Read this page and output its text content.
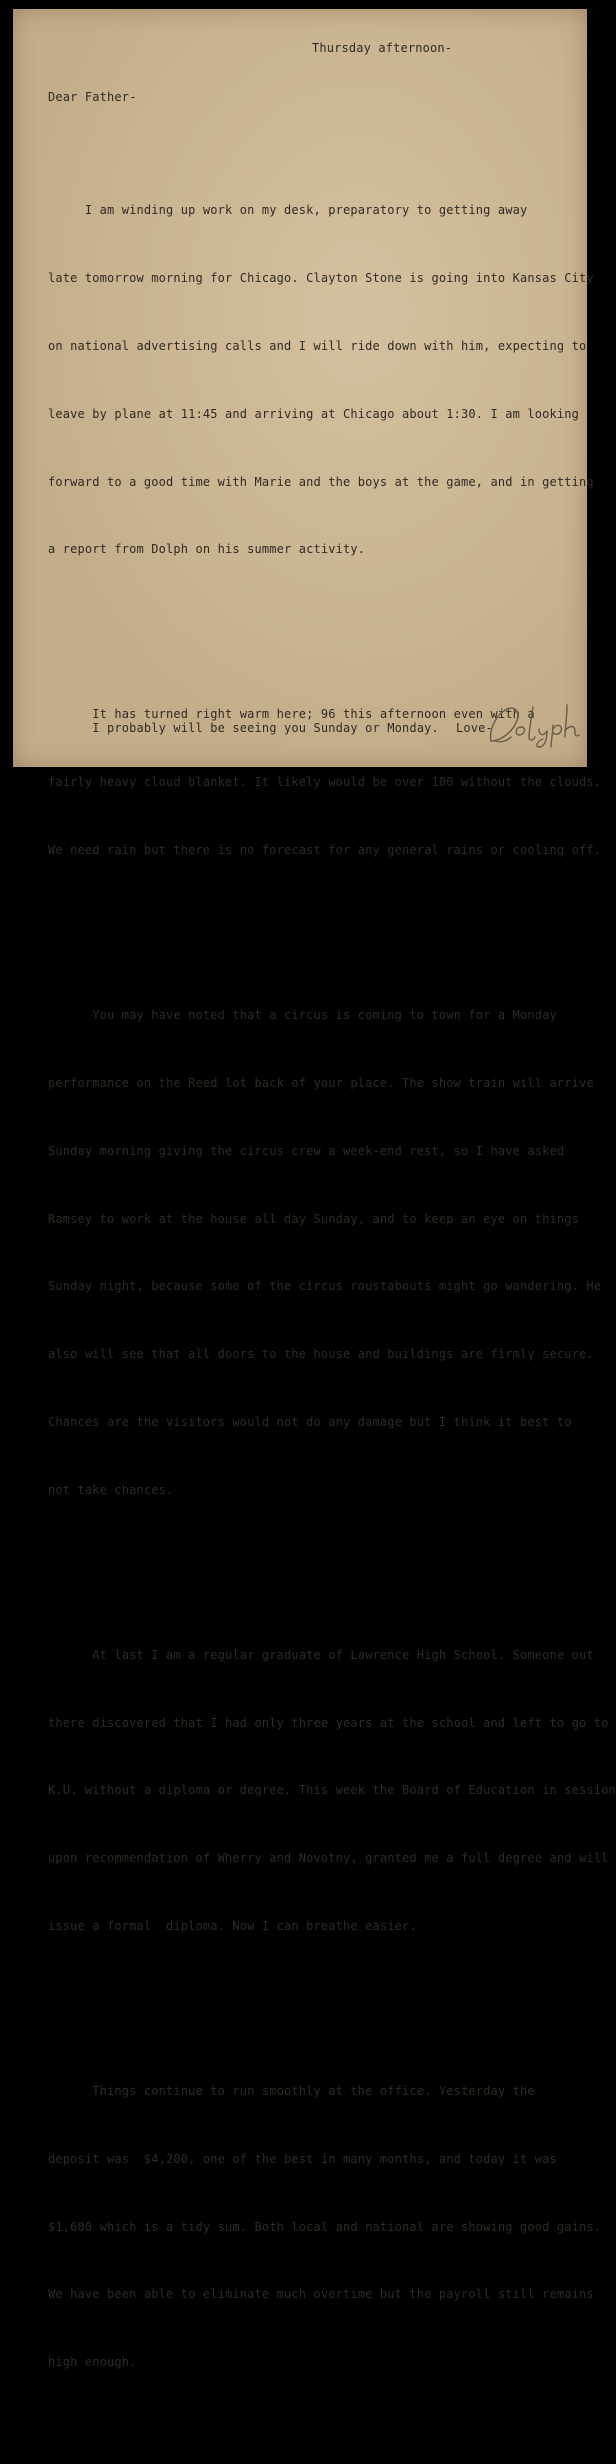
Thursday afternoon-

Dear Father-

I am winding up work on my desk, preparatory to getting away

late tomorrow morning for Chicago. Clayton Stone is going into Kansas City

on national advertising calls and I will ride down with him, expecting to

leave by plane at 11:45 and arriving at Chicago about 1:30. I am looking

forward to a good time with Marie and the boys at the game, and in getting

a report from Dolph on his summer activity.

It has turned right warm here; 96 this afternoon even with a

fairly heavy cloud blanket. It likely would be over 100 without the clouds.

We need rain but there is no forecast for any general rains or cooling off.

You may have noted that a circus is coming to town for a Monday

performance on the Reed lot back of your place. The show train will arrive

Sunday morning giving the circus crew a week-end rest, so I have asked

Ramsey to work at the house all day Sunday, and to keep an eye on things

Sunday night, because some of the circus roustabouts might go wandering. He

also will see that all doors to the house and buildings are firmly secure.

Chances are the visitors would not do any damage but I think it best to

not take chances.

At last I am a regular graduate of Lawrence High School. Someone out

there discovered that I had only three years at the school and left to go to

K.U. without a diploma or degree. This week the Board of Education in session

upon recommendation of Wherry and Novotny, granted me a full degree and will

issue a formal  diploma. Now I can breathe easier.

Things continue to run smoothly at the office. Yesterday the

deposit was  $4,200, one of the best in many months, and today it was

$1,600 which is a tidy sum. Both local and national are showing good gains.

We have been able to eliminate much overtime but the payroll still remains

high enough.

I probably will be seeing you Sunday or Monday. Love-
